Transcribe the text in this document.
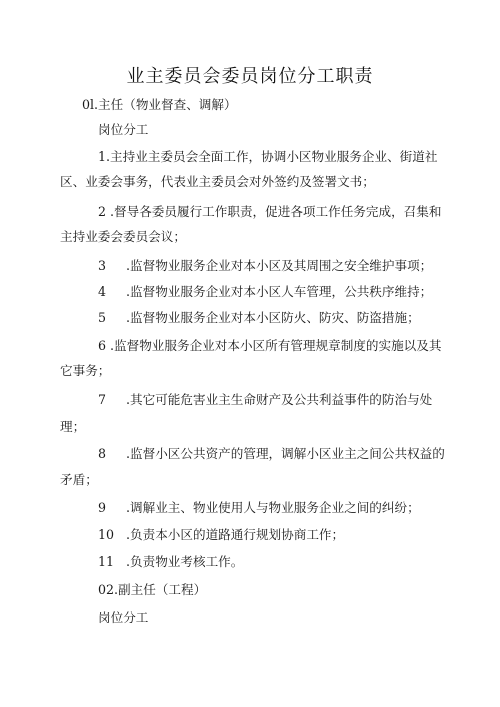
业主委员会委员岗位分工职责
0l.主任（物业督查、调解）
岗位分工
1.主持业主委员会全面工作，协调小区物业服务企业、街道社
区、业委会事务，代表业主委员会对外签约及签署文书；
2 .督导各委员履行工作职责，促进各项工作任务完成，召集和
主持业委会委员会议；
3 .监督物业服务企业对本小区及其周围之安全维护事项；
4 .监督物业服务企业对本小区人车管理，公共秩序维持；
5 .监督物业服务企业对本小区防火、防灾、防盗措施；
6 .监督物业服务企业对本小区所有管理规章制度的实施以及其
它事务；
7 .其它可能危害业主生命财产及公共利益事件的防治与处
理；
8 .监督小区公共资产的管理，调解小区业主之间公共权益的
矛盾；
9 .调解业主、物业使用人与物业服务企业之间的纠纷；
10 .负责本小区的道路通行规划协商工作；
11 .负责物业考核工作。
02.副主任（工程）
岗位分工
